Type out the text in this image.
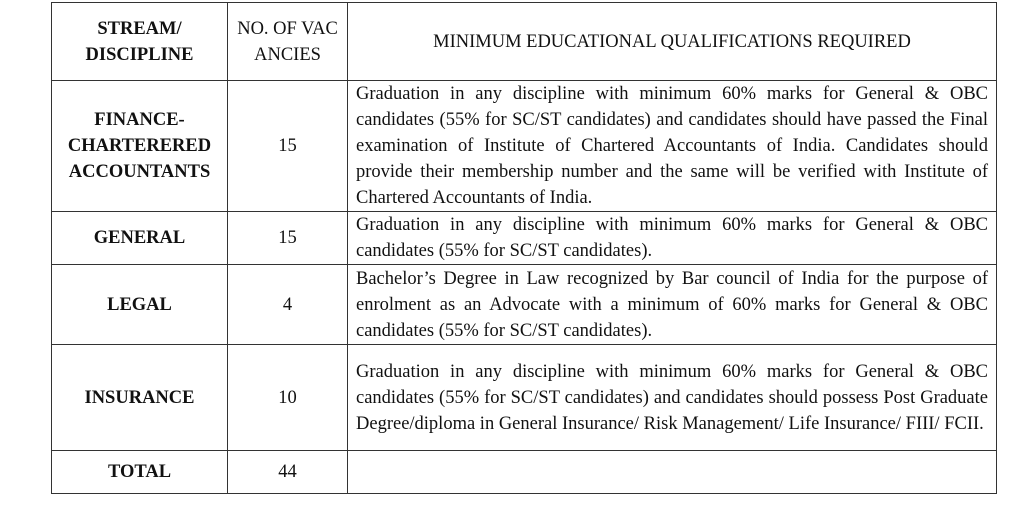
STREAM/ DISCIPLINE	NO. OF VACANCIES	MINIMUM EDUCATIONAL QUALIFICATIONS REQUIRED

FINANCE- CHARTERERED ACCOUNTANTS	15	Graduation in any discipline with minimum 60% marks for General & OBC candidates (55% for SC/ST candidates) and candidates should have passed the Final examination of Institute of Chartered Accountants of India. Candidates should provide their membership number and the same will be verified with Institute of Chartered Accountants of India.
GENERAL	15	Graduation in any discipline with minimum 60% marks for General & OBC candidates (55% for SC/ST candidates).
LEGAL	4	Bachelor’s Degree in Law recognized by Bar council of India for the purpose of enrolment as an Advocate with a minimum of 60% marks for General & OBC candidates (55% for SC/ST candidates).
INSURANCE	10	Graduation in any discipline with minimum 60% marks for General & OBC candidates (55% for SC/ST candidates) and candidates should possess Post Graduate Degree/diploma in General Insurance/ Risk Management/ Life Insurance/ FIII/ FCII.
TOTAL	44	
